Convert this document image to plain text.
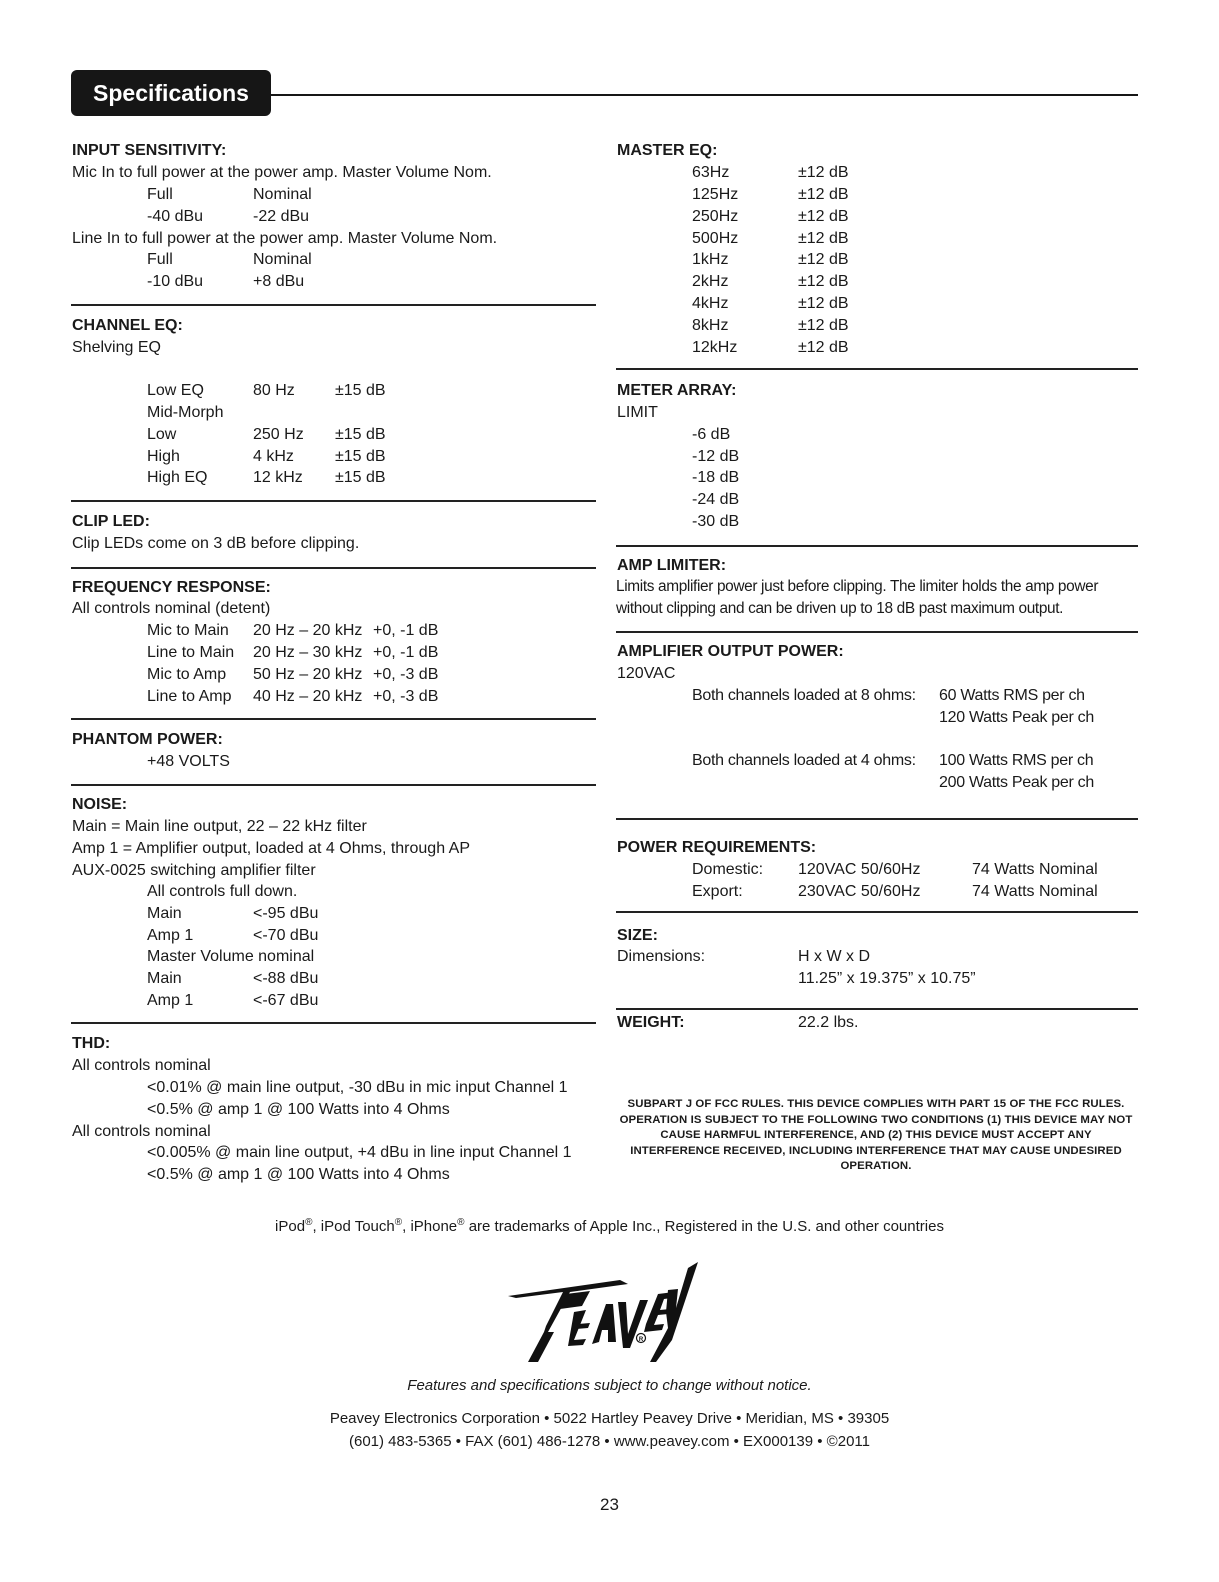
Specifications
INPUT SENSITIVITY:
Mic In to full power at the power amp. Master Volume Nom.
Full	Nominal
-40 dBu	-22 dBu
Line In to full power at the power amp. Master Volume Nom.
Full	Nominal
-10 dBu	+8 dBu
CHANNEL EQ:
Shelving EQ
Low EQ	80 Hz	±15 dB
Mid-Morph
Low	250 Hz ±15 dB
High	4 kHz	±15 dB
High EQ	12 kHz ±15 dB
CLIP LED:
Clip LEDs come on 3 dB before clipping.
FREQUENCY RESPONSE:
All controls nominal (detent)
Mic to Main 20 Hz – 20 kHz +0, -1 dB
Line to Main 20 Hz – 30 kHz +0, -1 dB
Mic to Amp 50 Hz – 20 kHz +0, -3 dB
Line to Amp 40 Hz – 20 kHz +0, -3 dB
PHANTOM POWER:
+48 VOLTS
NOISE:
Main = Main line output, 22 – 22 kHz filter
Amp 1 = Amplifier output, loaded at 4 Ohms, through AP
AUX-0025 switching amplifier filter
All controls full down.
Main	<-95 dBu
Amp 1	<-70 dBu
Master Volume nominal
Main	<-88 dBu
Amp 1	<-67 dBu
THD:
All controls nominal
<0.01% @ main line output, -30 dBu in mic input Channel 1
<0.5% @ amp 1 @ 100 Watts into 4 Ohms
All controls nominal
<0.005% @ main line output, +4 dBu in line input Channel 1
<0.5% @ amp 1 @ 100 Watts into 4 Ohms
MASTER EQ:
63Hz	±12 dB
125Hz	±12 dB
250Hz	±12 dB
500Hz	±12 dB
1kHz	±12 dB
2kHz	±12 dB
4kHz	±12 dB
8kHz	±12 dB
12kHz	±12 dB
METER ARRAY:
LIMIT
-6 dB
-12 dB
-18 dB
-24 dB
-30 dB
AMP LIMITER:
Limits amplifier power just before clipping. The limiter holds the amp power without clipping and can be driven up to 18 dB past maximum output.
AMPLIFIER OUTPUT POWER:
120VAC
Both channels loaded at 8 ohms: 60 Watts RMS per ch
120 Watts Peak per ch
Both channels loaded at 4 ohms: 100 Watts RMS per ch
200 Watts Peak per ch
POWER REQUIREMENTS:
Domestic: 120VAC 50/60Hz	74 Watts Nominal
Export:	230VAC 50/60Hz	74 Watts Nominal
SIZE:
Dimensions:	H x W x D
11.25” x 19.375” x 10.75”
WEIGHT:	22.2 lbs.
SUBPART J OF FCC RULES. THIS DEVICE COMPLIES WITH PART 15 OF THE FCC RULES. OPERATION IS SUBJECT TO THE FOLLOWING TWO CONDITIONS (1) THIS DEVICE MAY NOT CAUSE HARMFUL INTERFERENCE, AND (2) THIS DEVICE MUST ACCEPT ANY INTERFERENCE RECEIVED, INCLUDING INTERFERENCE THAT MAY CAUSE UNDESIRED OPERATION.
iPod®, iPod Touch®, iPhone® are trademarks of Apple Inc., Registered in the U.S. and other countries
R
Features and specifications subject to change without notice.
Peavey Electronics Corporation • 5022 Hartley Peavey Drive • Meridian, MS • 39305
(601) 483-5365 • FAX (601) 486-1278 • www.peavey.com • EX000139 • ©2011
23
